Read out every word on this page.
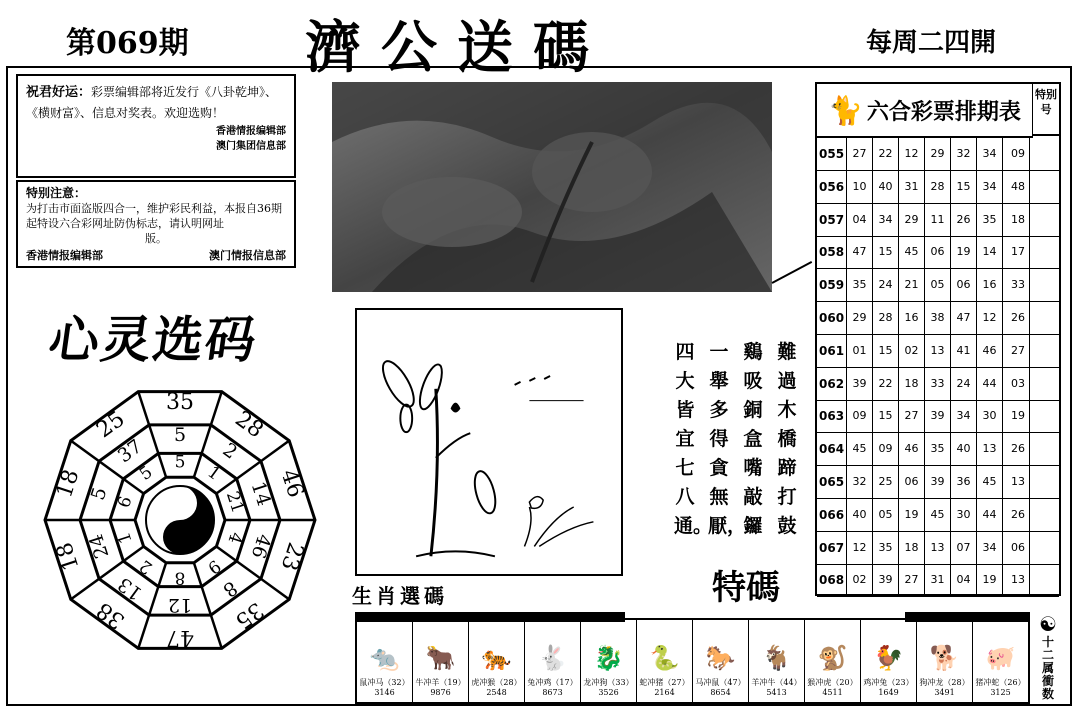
第069期 濟公送碼	每周二四開
祝君好运：彩票编辑部将近发行《八卦乾坤》、《横财富》、信息对奖表。欢迎选购！
香港情报编辑部
澳门集团信息部
特别注意：
为打击市面盗版四合一，维护彩民利益，本报自36期起特设六合彩网址防伪标志，请认明网址
版。
香港情报编辑部	澳门情报信息部
心灵选码
35
28
46
23
35
47
38
18
18
25 5
2
14
46
8
12
13
24
5
37 5 1
21
4
9
8
2
1
6
5
生肖選碼
難過木橋蹄打鼓
鷄吸銅盒嘴敲鑼
一舉多得貪無厭，
四大皆宜七八通。
特碼
🐈 六合彩票排期表
特别号
055 27	22	12	29	32	34	09
056 10	40	31	28	15	34	48
057 04	34	29	11	26	35	18
058 47	15	45	06	19	14	17
059 35	24	21	05	06	16	33
060 29	28	16	38	47	12	26
061 01	15	02	13	41	46	27
062 39	22	18	33	24	44	03
063 09	15	27	39	34	30	19
064 45	09	46	35	40	13	26
065 32	25	06	39	36	45	13
066 40	05	19	45	30	44	26
067 12	35	18	13	07	34	06
068 02	39	27	31	04	19	13
🐀
鼠冲马（32）
3146
🐂
牛冲羊（19）
9876
🐅
虎冲猴（28）
2548
🐇
兔冲鸡（17）
8673
🐉
龙冲狗（33）
3526
🐍
蛇冲猪（27）
2164
🐎
马冲鼠（47）
8654
🐐
羊冲牛（44）
5413
🐒
猴冲虎（20）
4511
🐓
鸡冲兔（23）
1649
🐕
狗冲龙（28）
3491
🐖
猪冲蛇（26）
3125
☯
十二属衝数
